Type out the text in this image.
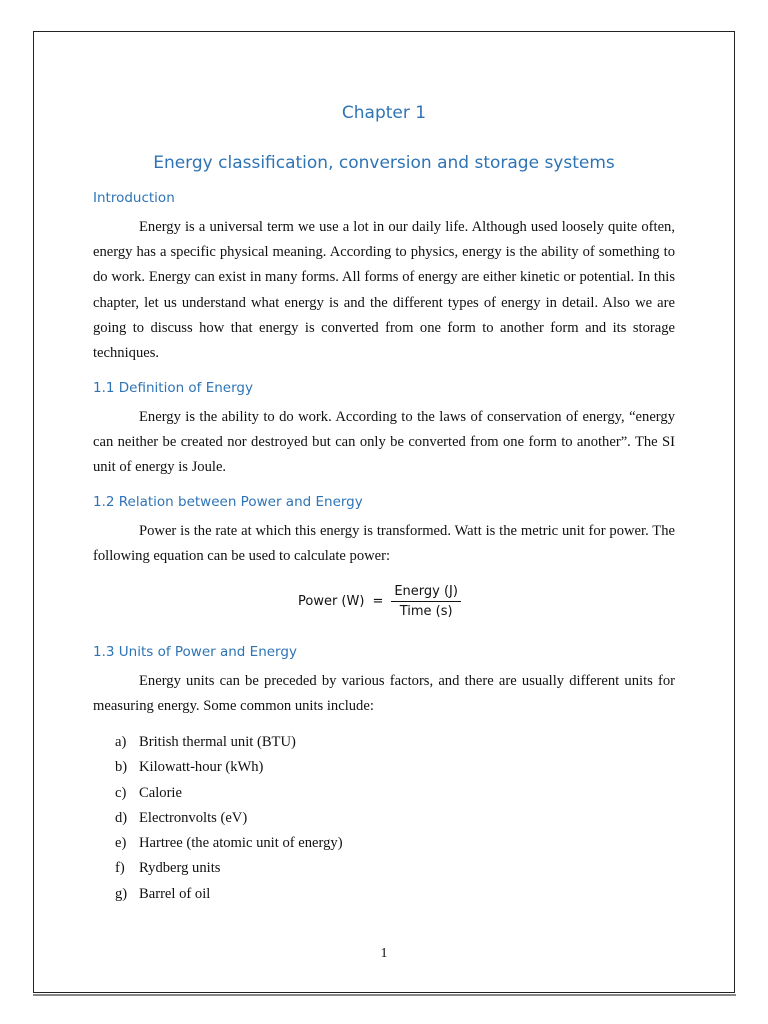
Chapter 1
Energy classification, conversion and storage systems
Introduction

Energy is a universal term we use a lot in our daily life. Although used loosely quite often, energy has a specific physical meaning. According to physics, energy is the ability of something to do work. Energy can exist in many forms. All forms of energy are either kinetic or potential. In this chapter, let us understand what energy is and the different types of energy in detail. Also we are going to discuss how that energy is converted from one form to another form and its storage techniques.

1.1 Definition of Energy

Energy is the ability to do work. According to the laws of conservation of energy, “energy can neither be created nor destroyed but can only be converted from one form to another”. The SI unit of energy is Joule.

1.2 Relation between Power and Energy

Power is the rate at which this energy is transformed. Watt is the metric unit for power. The following equation can be used to calculate power:

Power $(W) = \frac{\text{Energy (J)}}{\text{Time (s)}}$
1.3 Units of Power and Energy

Energy units can be preceded by various factors, and there are usually different units for measuring energy. Some common units include:

a) British thermal unit (BTU)
b) Kilowatt-hour (kWh)
c) Calorie
d) Electronvolts (eV)
e) Hartree (the atomic unit of energy)
f) Rydberg units
g) Barrel of oil
1
